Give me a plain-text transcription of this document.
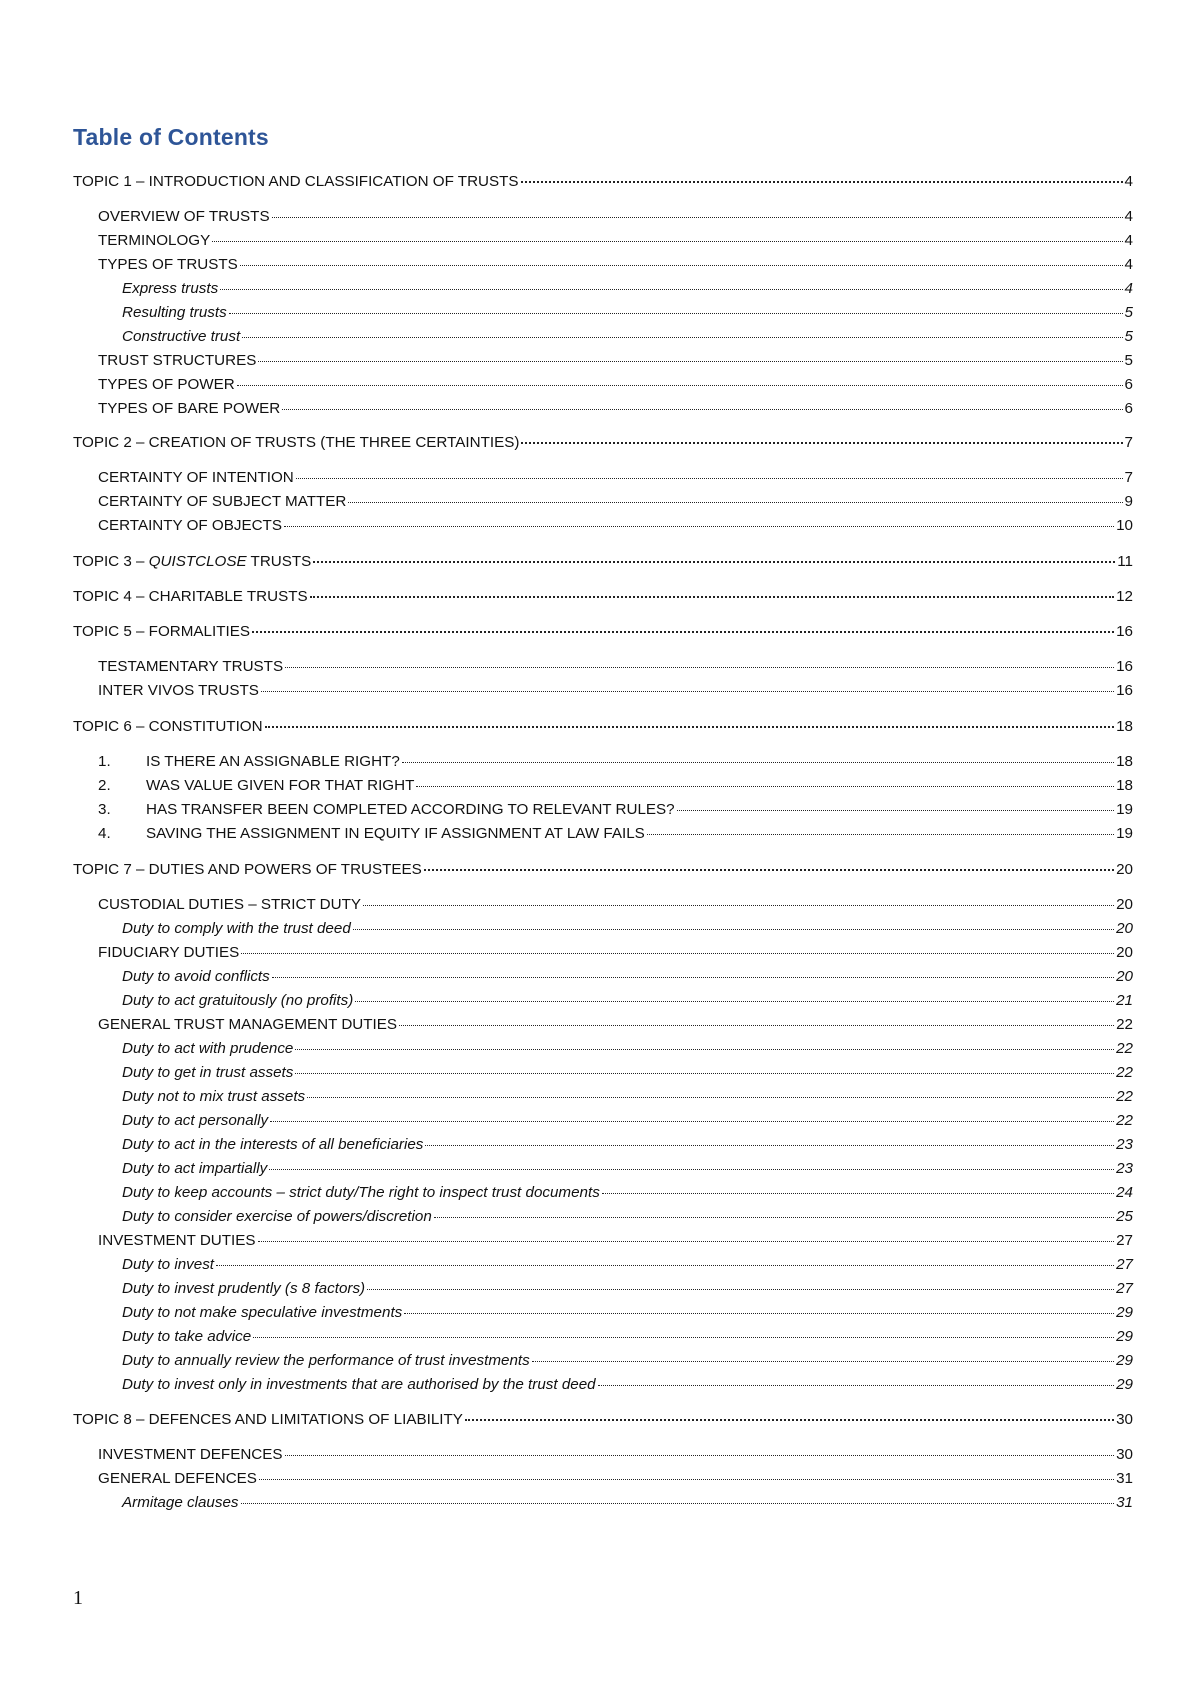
Table of Contents
TOPIC 1 – INTRODUCTION AND CLASSIFICATION OF TRUSTS	4
OVERVIEW OF TRUSTS	4
TERMINOLOGY	4
TYPES OF TRUSTS	4
Express trusts	4
Resulting trusts	5
Constructive trust	5
TRUST STRUCTURES	5
TYPES OF POWER	6
TYPES OF BARE POWER	6
TOPIC 2 – CREATION OF TRUSTS (THE THREE CERTAINTIES)	7
CERTAINTY OF INTENTION	7
CERTAINTY OF SUBJECT MATTER	9
CERTAINTY OF OBJECTS	10
TOPIC 3 – QUISTCLOSE TRUSTS	11
TOPIC 4 – CHARITABLE TRUSTS	12
TOPIC 5 – FORMALITIES	16
TESTAMENTARY TRUSTS	16
INTER VIVOS TRUSTS	16
TOPIC 6 – CONSTITUTION	18
1. IS THERE AN ASSIGNABLE RIGHT?	18
2. WAS VALUE GIVEN FOR THAT RIGHT	18
3. HAS TRANSFER BEEN COMPLETED ACCORDING TO RELEVANT RULES?	19
4. SAVING THE ASSIGNMENT IN EQUITY IF ASSIGNMENT AT LAW FAILS	19
TOPIC 7 – DUTIES AND POWERS OF TRUSTEES	20
CUSTODIAL DUTIES – STRICT DUTY	20
Duty to comply with the trust deed	20
FIDUCIARY DUTIES	20
Duty to avoid conflicts	20
Duty to act gratuitously (no profits)	21
GENERAL TRUST MANAGEMENT DUTIES	22
Duty to act with prudence	22
Duty to get in trust assets	22
Duty not to mix trust assets	22
Duty to act personally	22
Duty to act in the interests of all beneficiaries	23
Duty to act impartially	23
Duty to keep accounts – strict duty/The right to inspect trust documents	24
Duty to consider exercise of powers/discretion	25
INVESTMENT DUTIES	27
Duty to invest	27
Duty to invest prudently (s 8 factors)	27
Duty to not make speculative investments	29
Duty to take advice	29
Duty to annually review the performance of trust investments	29
Duty to invest only in investments that are authorised by the trust deed	29
TOPIC 8 – DEFENCES AND LIMITATIONS OF LIABILITY	30
INVESTMENT DEFENCES	30
GENERAL DEFENCES	31
Armitage clauses	31
1
